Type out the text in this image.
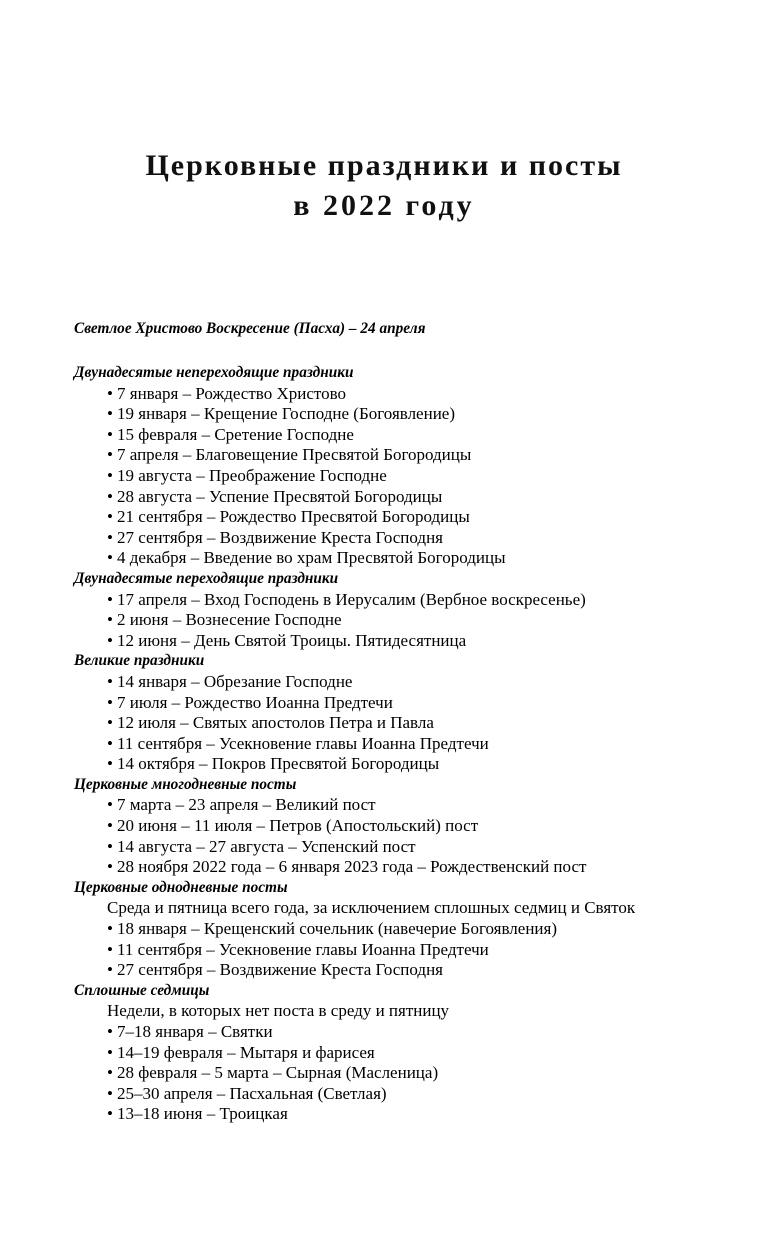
Церковные праздники и посты
в 2022 году

Светлое Христово Воскресение (Пасха) – 24 апреля

Двунадесятые непереходящие праздники
• 7 января – Рождество Христово
• 19 января – Крещение Господне (Богоявление)
• 15 февраля – Сретение Господне
• 7 апреля – Благовещение Пресвятой Богородицы
• 19 августа – Преображение Господне
• 28 августа – Успение Пресвятой Богородицы
• 21 сентября – Рождество Пресвятой Богородицы
• 27 сентября – Воздвижение Креста Господня
• 4 декабря – Введение во храм Пресвятой Богородицы
Двунадесятые переходящие праздники
• 17 апреля – Вход Господень в Иерусалим (Вербное воскресенье)
• 2 июня – Вознесение Господне
• 12 июня – День Святой Троицы. Пятидесятница
Великие праздники
• 14 января – Обрезание Господне
• 7 июля – Рождество Иоанна Предтечи
• 12 июля – Святых апостолов Петра и Павла
• 11 сентября – Усекновение главы Иоанна Предтечи
• 14 октября – Покров Пресвятой Богородицы
Церковные многодневные посты
• 7 марта – 23 апреля – Великий пост
• 20 июня – 11 июля – Петров (Апостольский) пост
• 14 августа – 27 августа – Успенский пост
• 28 ноября 2022 года – 6 января 2023 года – Рождественский пост
Церковные однодневные посты
Среда и пятница всего года, за исключением сплошных седмиц и Святок
• 18 января – Крещенский сочельник (навечерие Богоявления)
• 11 сентября – Усекновение главы Иоанна Предтечи
• 27 сентября – Воздвижение Креста Господня
Сплошные седмицы
Недели, в которых нет поста в среду и пятницу
• 7–18 января – Святки
• 14–19 февраля – Мытаря и фарисея
• 28 февраля – 5 марта – Сырная (Масленица)
• 25–30 апреля – Пасхальная (Светлая)
• 13–18 июня – Троицкая
